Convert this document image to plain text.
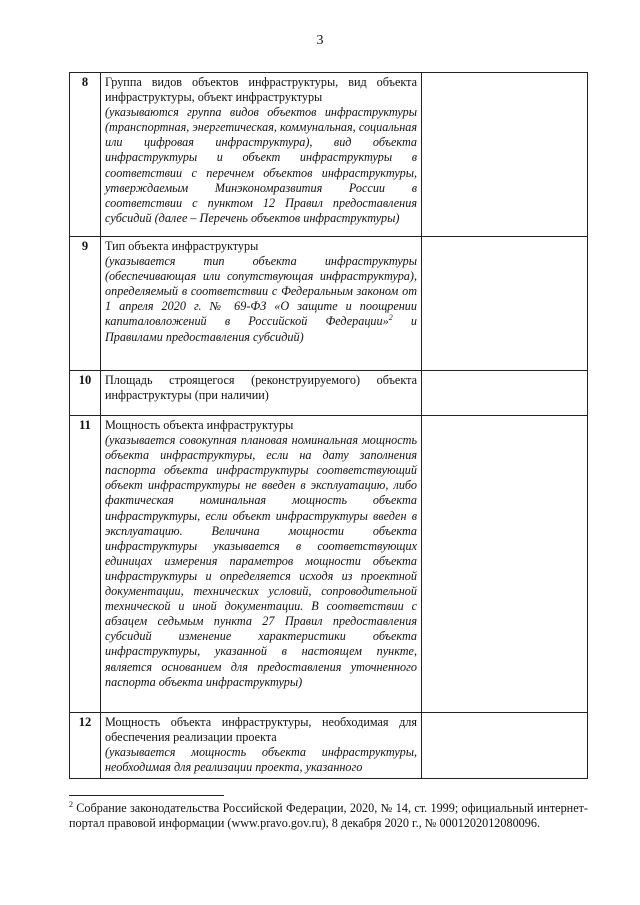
3
8	Группа видов объектов инфраструктуры, вид объекта инфраструктуры, объект инфраструктуры
(указываются группа видов объектов инфраструктуры (транспортная, энергетическая, коммунальная, социальная или цифровая инфраструктура), вид объекта инфраструктуры и объект инфраструктуры в соответствии с перечнем объектов инфраструктуры, утверждаемым Минэкономразвития России в соответствии с пунктом 12 Правил предоставления субсидий (далее – Перечень объектов инфраструктуры)	

9	Тип объекта инфраструктуры
(указывается тип объекта инфраструктуры (обеспечивающая или сопутствующая инфраструктура), определяемый в соответствии с Федеральным законом от 1 апреля 2020 г. № 69-ФЗ «О защите и поощрении капиталовложений в Российской Федерации»$^2$ и Правилами предоставления субсидий)	

10	Площадь строящегося (реконструируемого) объекта инфраструктуры (при наличии)	

11	Мощность объекта инфраструктуры
(указывается совокупная плановая номинальная мощность объекта инфраструктуры, если на дату заполнения паспорта объекта инфраструктуры соответствующий объект инфраструктуры не введен в эксплуатацию, либо фактическая номинальная мощность объекта инфраструктуры, если объект инфраструктуры введен в эксплуатацию. Величина мощности объекта инфраструктуры указывается в соответствующих единицах измерения параметров мощности объекта инфраструктуры и определяется исходя из проектной документации, технических условий, сопроводительной технической и иной документации. В соответствии с абзацем седьмым пункта 27 Правил предоставления субсидий изменение характеристики объекта инфраструктуры, указанной в настоящем пункте, является основанием для предоставления уточненного паспорта объекта инфраструктуры)	

12	Мощность объекта инфраструктуры, необходимая для обеспечения реализации проекта
(указывается мощность объекта инфраструктуры, необходимая для реализации проекта, указанного	

$^2$ Собрание законодательства Российской Федерации, 2020, № 14, ст. 1999; официальный интернет-портал правовой информации (www.pravo.gov.ru), 8 декабря 2020 г., № 0001202012080096.
